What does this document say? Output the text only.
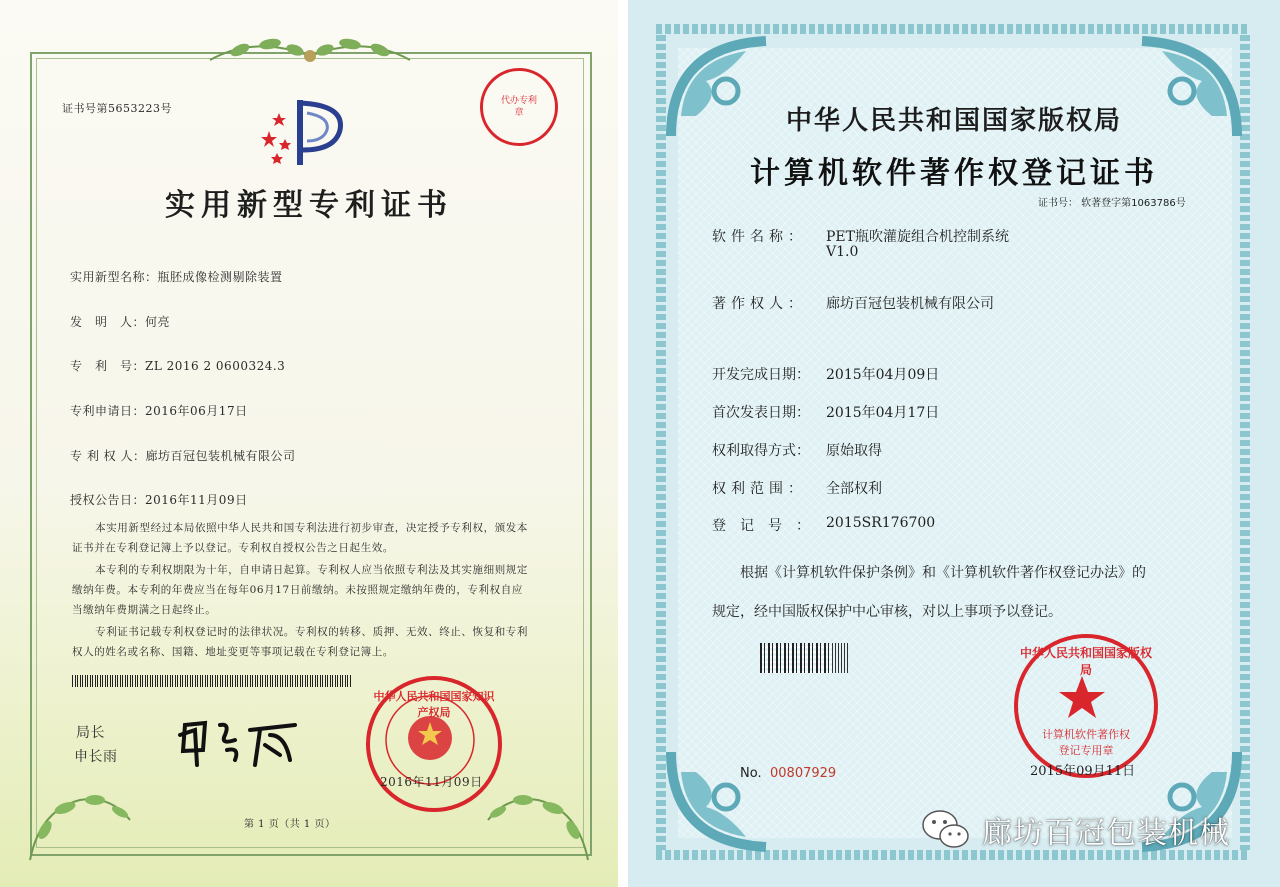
证书号第5653223号
代办专利章
实用新型专利证书
实用新型名称：瓶胚成像检测剔除装置
发　明　人：何亮
专　利　号：ZL 2016 2 0600324.3
专利申请日：2016年06月17日
专 利 权 人：廊坊百冠包装机械有限公司
授权公告日：2016年11月09日
本实用新型经过本局依照中华人民共和国专利法进行初步审查，决定授予专利权，颁发本证书并在专利登记簿上予以登记。专利权自授权公告之日起生效。
本专利的专利权期限为十年，自申请日起算。专利权人应当依照专利法及其实施细则规定缴纳年费。本专利的年费应当在每年06月17日前缴纳。未按照规定缴纳年费的，专利权自应当缴纳年费期满之日起终止。
专利证书记载专利权登记时的法律状况。专利权的转移、质押、无效、终止、恢复和专利权人的姓名或名称、国籍、地址变更等事项记载在专利登记簿上。
局长
申长雨
中华人民共和国国家知识产权局
2016年11月09日
第 1 页（共 1 页）
中华人民共和国国家版权局
计算机软件著作权登记证书
证书号： 软著登字第1063786号
软件名称： PET瓶吹灌旋组合机控制系统
V1.0
著作权人： 廊坊百冠包装机械有限公司
开发完成日期： 2015年04月09日
首次发表日期： 2015年04月17日
权利取得方式： 原始取得
权利范围： 全部权利
登记号： 2015SR176700
根据《计算机软件保护条例》和《计算机软件著作权登记办法》的
规定，经中国版权保护中心审核，对以上事项予以登记。
No. 00807929
中华人民共和国国家版权局
计算机软件著作权
登记专用章
2015年09月11日
廊坊百冠包装机械
